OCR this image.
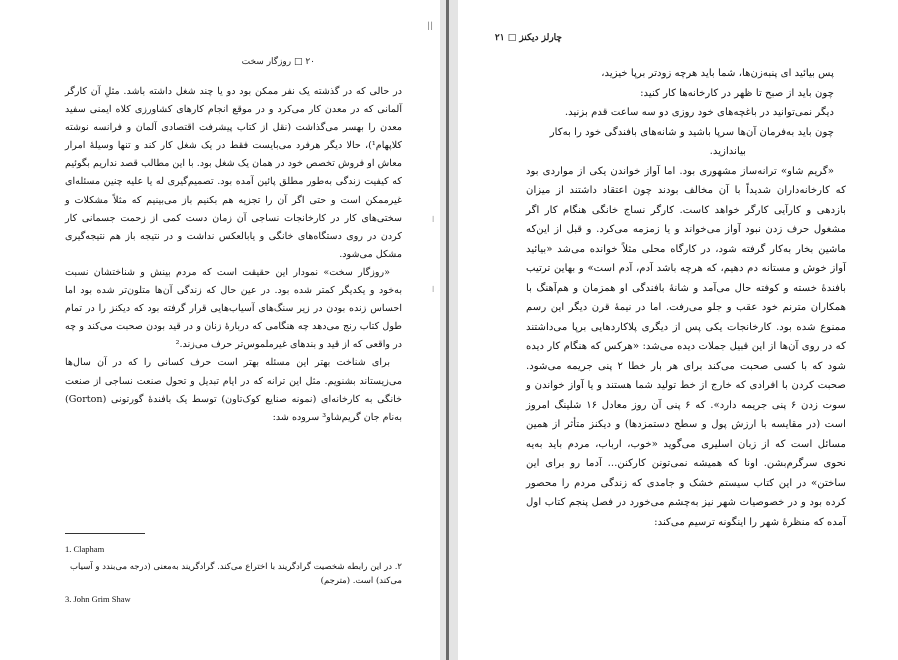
۲۰ □ روزگار سخت

در حالی که در گذشته یک نفر ممکن بود دو یا چند شغل داشته باشد. مثلِ آن کارگر آلمانی که در معدن کار می‌کرد و در موقع انجام کارهای کشاورزی کلاه ایمنی سفید معدن را بهسر می‌گذاشت (نقل از کتاب پیشرفت اقتصادی آلمان و فرانسه نوشته کلاپهام¹)، حالا دیگر هرفرد می‌بایست فقط در یک شغل کار کند و تنها وسیلهٔ امرار معاش او فروش تخصص خود در همان یک شغل بود. با این مطالب قصد نداریم بگوئیم که کیفیت زندگی به‌طور مطلق پائین آمده بود. تصمیم‌گیری له یا علیه چنین مسئله‌ای غیرممکن است و حتی اگر آن را تجزیه هم بکنیم باز می‌بینیم که مثلاً مشکلات و سختی‌های کار در کارخانجات نساجی آن زمان دست کمی از زحمت جسمانی کار کردن در روی دستگاه‌های خانگی و یابالعکس نداشت و در نتیجه باز هم نتیجه‌گیری مشکل می‌شود.

«روزگار سخت» نمودار این حقیقت است که مردم بینش و شناختشان نسبت به‌خود و یکدیگر کمتر شده بود. در عین حال که زندگی آن‌ها متلون‌تر شده بود اما احساس زنده بودن در زیر سنگ‌های آسیاب‌هایی قرار گرفته بود که دیکنز را در تمام طول کتاب رنج می‌دهد چه هنگامی که دربارهٔ زنان و در قید بودن صحبت می‌کند و چه در واقعی که از قید و بندهای غیرملموس‌تر حرف می‌زند.²

برای شناخت بهتر این مسئله بهتر است حرف کسانی را که در آن سال‌ها می‌زیستاند بشنویم. مثل این ترانه که در ایام تبدیل و تحول صنعت نساجی از صنعت خانگی به کارخانه‌ای (نمونه صنایع کوک‌تاون) توسط یک بافندهٔ گورتونی (Gorton) به‌نام جان گریم‌شاو³ سروده شد:

1. Clapham
۲. در این رابطه شخصیت گرادگریند با اختراع می‌کند. گرادگریند به‌معنی (درجه می‌بندد و آسیاب می‌کند) است. (مترجم)
3. John Grim Shaw
اا
ا
ا
چارلز دیکنز □ ۲۱
پس بیائید ای پنبه‌زن‌ها، شما باید هرچه زودتر برپا خیزید،
چون باید از صبح تا ظهر در کارخانه‌ها کار کنید:
دیگر نمی‌توانید در باغچه‌های خود روزی دو سه ساعت قدم بزنید.
چون باید به‌فرمان آن‌ها سرپا باشید و شانه‌های بافندگی خود را به‌کار
بیاندازید.

«گریم شاو» ترانه‌ساز مشهوری بود. اما آواز خواندن یکی از مواردی بود که کارخانه‌داران شدیداً با آن مخالف بودند چون اعتقاد داشتند از میزان بازدهی و کارآیی کارگر خواهد کاست. کارگر نساج خانگی هنگام کار اگر مشغول حرف زدن نبود آواز می‌خواند و یا زمزمه می‌کرد. و قبل از این‌که ماشین بخار به‌کار گرفته شود، در کارگاه محلی مثلاً خوانده می‌شد «بیائید آواز خوش و مستانه دم دهیم، که هرچه باشد آدم، آدم است» و بهاین ترتیب بافندهٔ خسته و کوفته حال می‌آمد و شانهٔ بافندگی او همزمان و هم‌آهنگ با همکاران مترنم خود عقب و جلو می‌رفت. اما در نیمهٔ قرن دیگر این رسم ممنوع شده بود. کارخانجات یکی پس از دیگری پلاکاردهایی برپا می‌داشتند که در روی آن‌ها از این قبیل جملات دیده می‌شد: «هرکس که هنگام کار دیده شود که با کسی صحبت می‌کند برای هر بار خطا ۲ پنی جریمه می‌شود. صحبت کردن با افرادی که خارج از خط تولید شما هستند و یا آواز خواندن و سوت زدن ۶ پنی جریمه دارد». که ۶ پنی آن روز معادل ۱۶ شلینگ امروز است (در مقایسه با ارزش پول و سطح دستمزدها) و دیکنز متأثر از همین مسائل است که از زبان اسلیری می‌گوید «خوب، ارباب، مردم باید به‌یه نحوی سرگرم‌بشن. اونا که همیشه نمی‌تونن کارکنن... آدما رو برای این ساختن» در این کتاب سیستم خشک و جامدی که زندگی مردم را محصور کرده بود و در خصوصیات شهر نیز به‌چشم می‌خورد در فصل پنجم کتاب اول آمده که منظرهٔ شهر را اینگونه ترسیم می‌کند:
